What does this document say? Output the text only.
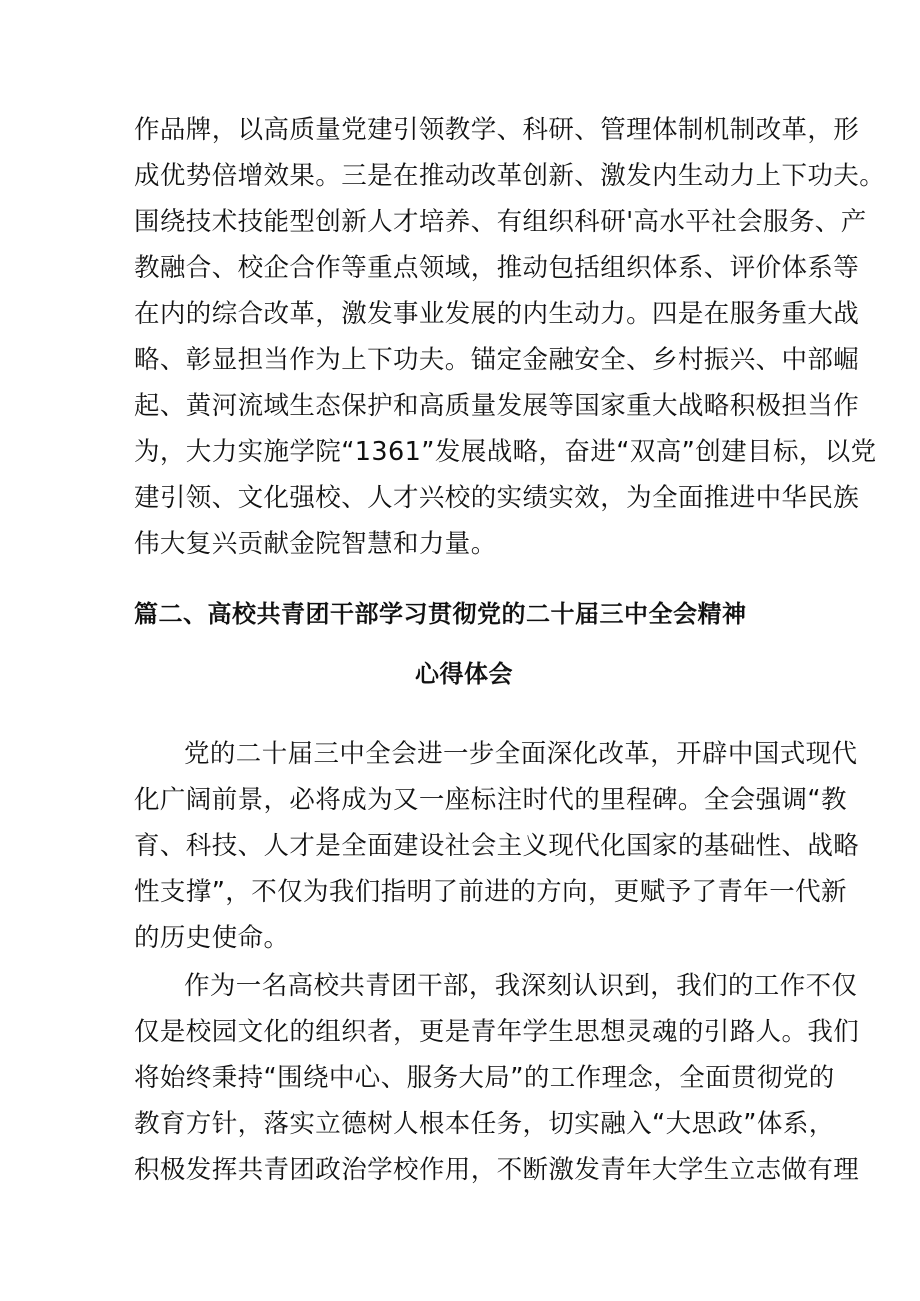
作品牌，以高质量党建引领教学、科研、管理体制机制改革，形
成优势倍增效果。三是在推动改革创新、激发内生动力上下功夫。
围绕技术技能型创新人才培养、有组织科研'高水平社会服务、产
教融合、校企合作等重点领域，推动包括组织体系、评价体系等
在内的综合改革，激发事业发展的内生动力。四是在服务重大战
略、彰显担当作为上下功夫。锚定金融安全、乡村振兴、中部崛
起、黄河流域生态保护和高质量发展等国家重大战略积极担当作
为，大力实施学院“1361”发展战略，奋进“双高”创建目标，以党
建引领、文化强校、人才兴校的实绩实效，为全面推进中华民族
伟大复兴贡献金院智慧和力量。
篇二、高校共青团干部学习贯彻党的二十届三中全会精神
心得体会
党的二十届三中全会进一步全面深化改革，开辟中国式现代
化广阔前景，必将成为又一座标注时代的里程碑。全会强调“教
育、科技、人才是全面建设社会主义现代化国家的基础性、战略
性支撑”，不仅为我们指明了前进的方向，更赋予了青年一代新
的历史使命。
作为一名高校共青团干部，我深刻认识到，我们的工作不仅
仅是校园文化的组织者，更是青年学生思想灵魂的引路人。我们
将始终秉持“围绕中心、服务大局”的工作理念，全面贯彻党的
教育方针，落实立德树人根本任务，切实融入“大思政”体系，
积极发挥共青团政治学校作用，不断激发青年大学生立志做有理
